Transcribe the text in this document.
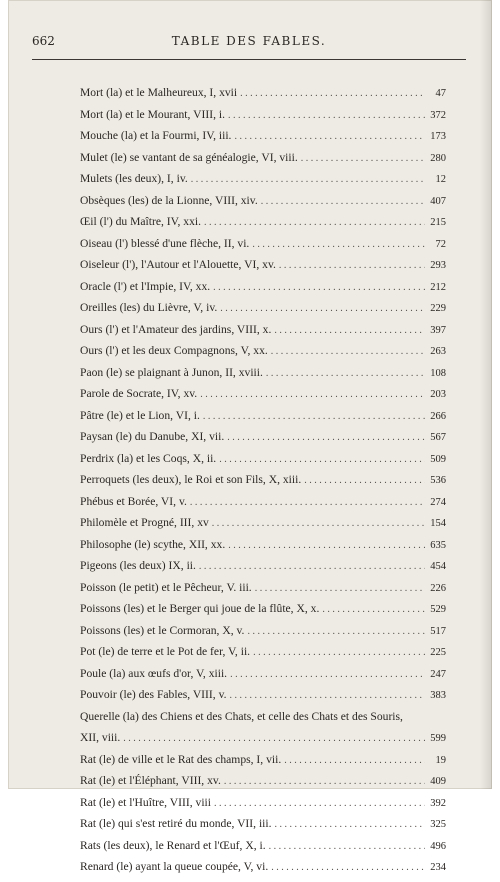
662	TABLE DES FABLES.
Mort (la) et le Malheureux, I, xvii . . .	47
Mort (la) et le Mourant, VIII, i. . . .	372
Mouche (la) et la Fourmi, IV, iii. . . .	173
Mulet (le) se vantant de sa généalogie, VI, viii. . . .	280
Mulets (les deux), I, iv. . . .	12
Obsèques (les) de la Lionne, VIII, xiv. . . .	407
Œil (l') du Maître, IV, xxi. . . .	215
Oiseau (l') blessé d'une flèche, II, vi. . . .	72
Oiseleur (l'), l'Autour et l'Alouette, VI, xv. . . .	293
Oracle (l') et l'Impie, IV, xx. . . .	212
Oreilles (les) du Lièvre, V, iv. . . .	229
Ours (l') et l'Amateur des jardins, VIII, x. . . .	397
Ours (l') et les deux Compagnons, V, xx. . . .	263
Paon (le) se plaignant à Junon, II, xviii. . . .	108
Parole de Socrate, IV, xv. . . .	203
Pâtre (le) et le Lion, VI, i. . . .	266
Paysan (le) du Danube, XI, vii. . . .	567
Perdrix (la) et les Coqs, X, ii. . . .	509
Perroquets (les deux), le Roi et son Fils, X, xiii. . . .	536
Phébus et Borée, VI, v. . . .	274
Philomèle et Progné, III, xv . . .	154
Philosophe (le) scythe, XII, xx. . . .	635
Pigeons (les deux) IX, ii. . . .	454
Poisson (le petit) et le Pêcheur, V. iii. . . .	226
Poissons (les) et le Berger qui joue de la flûte, X, x. . . .	529
Poissons (les) et le Cormoran, X, v. . . .	517
Pot (le) de terre et le Pot de fer, V, ii. . . .	225
Poule (la) aux œufs d'or, V, xiii. . . .	247
Pouvoir (le) des Fables, VIII, v. . . .	383
Querelle (la) des Chiens et des Chats, et celle des Chats et des Souris,
XII, viii. . . .	599
Rat (le) de ville et le Rat des champs, I, vii. . . .	19
Rat (le) et l'Éléphant, VIII, xv. . . .	409
Rat (le) et l'Huître, VIII, viii . . .	392
Rat (le) qui s'est retiré du monde, VII, iii. . . .	325
Rats (les deux), le Renard et l'Œuf, X, i. . . .	496
Renard (le) ayant la queue coupée, V, vi. . . .	234
